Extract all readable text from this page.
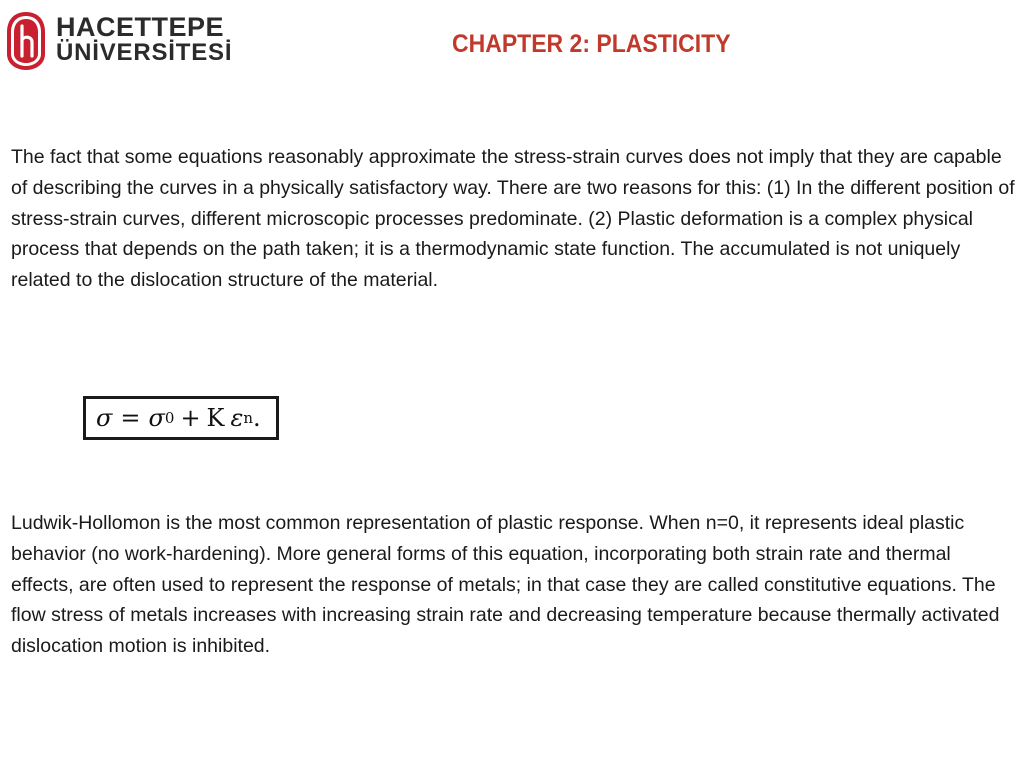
HACETTEPE
ÜNİVERSİTESİ	CHAPTER 2: PLASTICITY

The fact that some equations reasonably approximate the stress-strain curves does not imply that they are capable of describing the curves in a physically satisfactory way. There are two reasons for this: (1) In the different position of stress-strain curves, different microscopic processes predominate. (2) Plastic deformation is a complex physical process that depends on the path taken; it is a thermodynamic state function. The accumulated is not uniquely related to the dislocation structure of the material.

σ = σ 0 + K ε n .

Ludwik-Hollomon is the most common representation of plastic response. When n=0, it represents ideal plastic behavior (no work-hardening). More general forms of this equation, incorporating both strain rate and thermal effects, are often used to represent the response of metals; in that case they are called constitutive equations. The flow stress of metals increases with increasing strain rate and decreasing temperature because thermally activated dislocation motion is inhibited.
